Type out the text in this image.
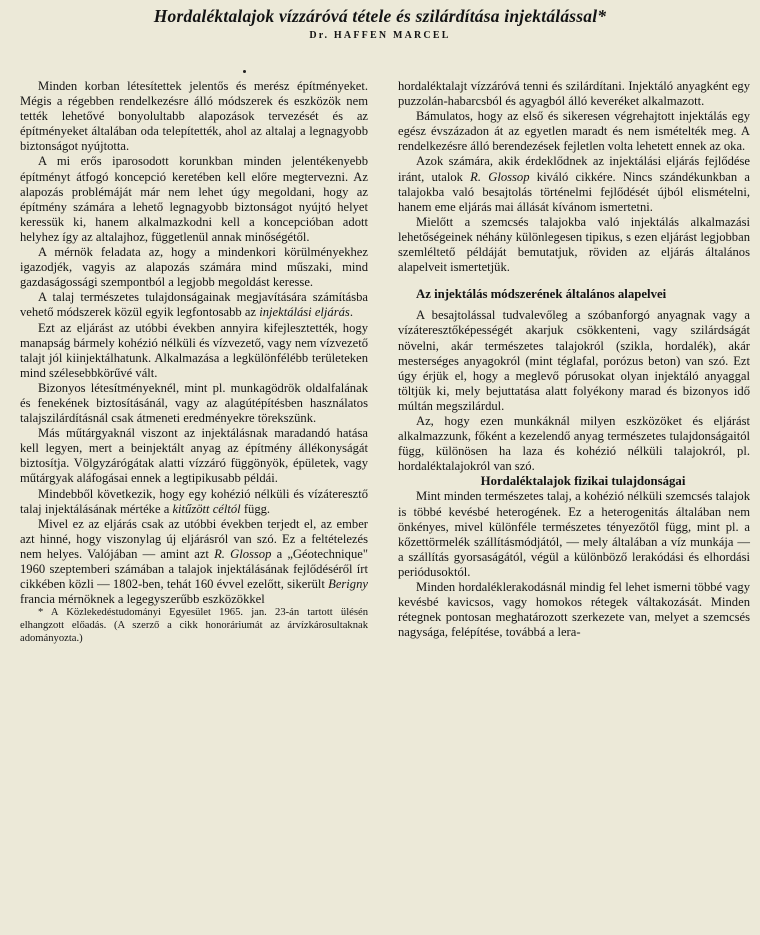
Hordaléktalajok vízzáróvá tétele és szilárdítása injektálással*
Dr. HAFFEN MARCEL

Minden korban létesítettek jelentős és merész építményeket. Mégis a régebben rendelkezésre álló módszerek és eszközök nem tették lehetővé bonyolultabb alapozások tervezését és az építményeket általában oda telepítették, ahol az altalaj a legnagyobb biztonságot nyújtotta.

A mi erős iparosodott korunkban minden jelentékenyebb építményt átfogó koncepció keretében kell előre megtervezni. Az alapozás problémáját már nem lehet úgy megoldani, hogy az építmény számára a lehető legnagyobb biztonságot nyújtó helyet keressük ki, hanem alkalmazkodni kell a koncepcióban adott helyhez így az altalajhoz, függetlenül annak minőségétől.

A mérnök feladata az, hogy a mindenkori körülményekhez igazodjék, vagyis az alapozás számára mind műszaki, mind gazdaságossági szempontból a legjobb megoldást keresse.

A talaj természetes tulajdonságainak megjavítására számításba vehető módszerek közül egyik legfontosabb az injektálási eljárás.

Ezt az eljárást az utóbbi években annyira kifejlesztették, hogy manapság bármely kohézió nélküli és vízvezető, vagy nem vízvezető talajt jól kiinjektálhatunk. Alkalmazása a legkülönfélébb területeken mind szélesebbkörűvé vált.

Bizonyos létesítményeknél, mint pl. munkagödrök oldalfalának és fenekének biztosításánál, vagy az alagútépítésben használatos talajszilárdításnál csak átmeneti eredményekre törekszünk.

Más műtárgyaknál viszont az injektálásnak maradandó hatása kell legyen, mert a beinjektált anyag az építmény állékonyságát biztosítja. Völgyzárógátak alatti vízzáró függönyök, épületek, vagy műtárgyak aláfogásai ennek a legtipikusabb példái.

Mindebből következik, hogy egy kohézió nélküli és vízáteresztő talaj injektálásának mértéke a kitűzött céltól függ.

Mivel ez az eljárás csak az utóbbi években terjedt el, az ember azt hinné, hogy viszonylag új eljárásról van szó. Ez a feltételezés nem helyes. Valójában — amint azt R. Glossop a „Géotechnique" 1960 szeptemberi számában a talajok injektálásának fejlődéséről írt cikkében közli — 1802-ben, tehát 160 évvel ezelőtt, sikerült Berigny francia mérnöknek a legegyszerűbb eszközökkel

* A Közlekedéstudományi Egyesület 1965. jan. 23-án tartott ülésén elhangzott előadás. (A szerző a cikk honoráriumát az árvízkárosultaknak adományozta.)

hordaléktalajt vízzáróvá tenni és szilárdítani. Injektáló anyagként egy puzzolán-habarcsból és agyagból álló keveréket alkalmazott.

Bámulatos, hogy az első és sikeresen végrehajtott injektálás egy egész évszázadon át az egyetlen maradt és nem ismételték meg. A rendelkezésre álló berendezések fejletlen volta lehetett ennek az oka.

Azok számára, akik érdeklődnek az injektálási eljárás fejlődése iránt, utalok R. Glossop kiváló cikkére. Nincs szándékunkban a talajokba való besajtolás történelmi fejlődését újból elismételni, hanem eme eljárás mai állását kívánom ismertetni.

Mielőtt a szemcsés talajokba való injektálás alkalmazási lehetőségeinek néhány különlegesen tipikus, s ezen eljárást legjobban szemléltető példáját bemutatjuk, röviden az eljárás általános alapelveit ismertetjük.

Az injektálás módszerének általános alapelvei

A besajtolással tudvalevőleg a szóbanforgó anyagnak vagy a vízáteresztőképességét akarjuk csökkenteni, vagy szilárdságát növelni, akár természetes talajokról (szikla, hordalék), akár mesterséges anyagokról (mint téglafal, porózus beton) van szó. Ezt úgy érjük el, hogy a meglevő pórusokat olyan injektáló anyaggal töltjük ki, mely bejuttatása alatt folyékony marad és bizonyos idő múltán megszilárdul.

Az, hogy ezen munkáknál milyen eszközöket és eljárást alkalmazzunk, főként a kezelendő anyag természetes tulajdonságaitól függ, különösen ha laza és kohézió nélküli talajokról, pl. hordaléktalajokról van szó.

Hordaléktalajok fizikai tulajdonságai

Mint minden természetes talaj, a kohézió nélküli szemcsés talajok is többé kevésbé heterogének. Ez a heterogenitás általában nem önkényes, mivel különféle természetes tényezőtől függ, mint pl. a kőzettörmelék szállításmódjától, — mely általában a víz munkája — a szállítás gyorsaságától, végül a különböző lerakódási és elhordási periódusoktól.

Minden hordaléklerakodásnál mindig fel lehet ismerni többé vagy kevésbé kavicsos, vagy homokos rétegek váltakozását. Minden rétegnek pontosan meghatározott szerkezete van, melyet a szemcsés nagysága, felépítése, továbbá a lera-
